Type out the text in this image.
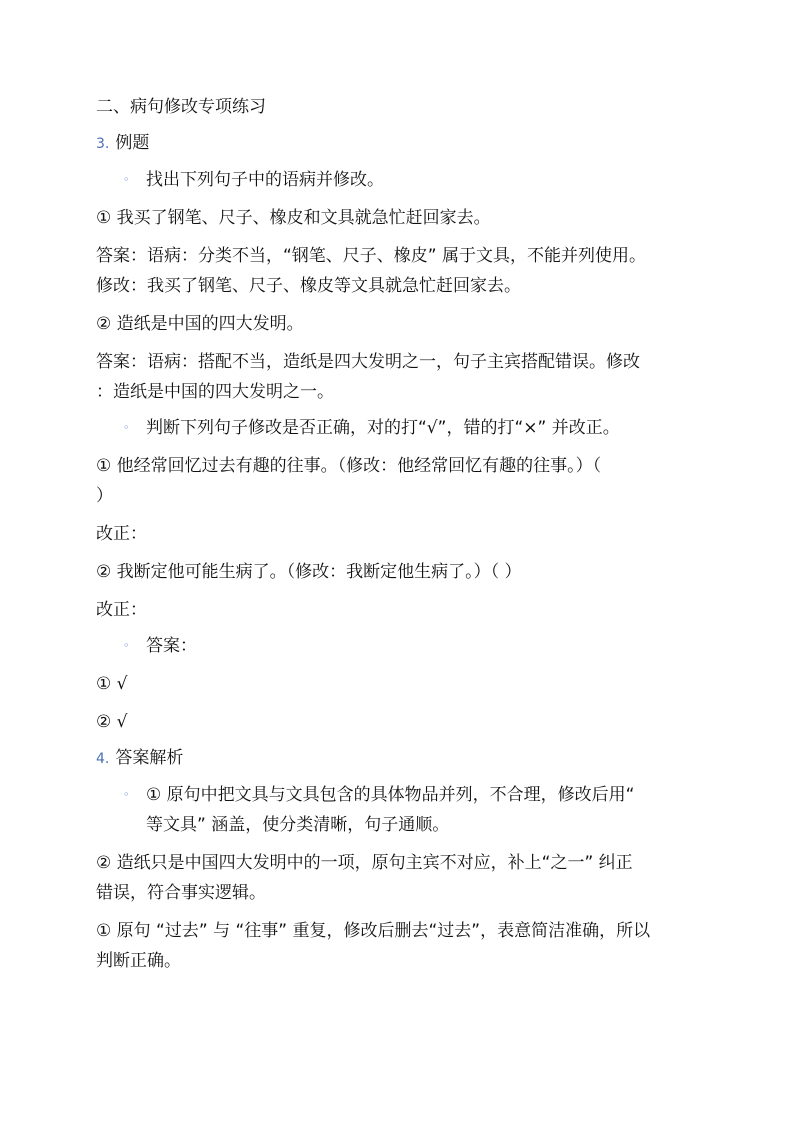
二、病句修改专项练习
3. 例题
◦ 找出下列句子中的语病并修改。
① 我买了钢笔、尺子、橡皮和文具就急忙赶回家去。
答案：语病：分类不当，“钢笔、尺子、橡皮” 属于文具，不能并列使用。
修改：我买了钢笔、尺子、橡皮等文具就急忙赶回家去。
② 造纸是中国的四大发明。
答案：语病：搭配不当，造纸是四大发明之一，句子主宾搭配错误。修改
：造纸是中国的四大发明之一。
◦ 判断下列句子修改是否正确，对的打“√”，错的打“×” 并改正。
① 他经常回忆过去有趣的往事。（修改：他经常回忆有趣的往事。）（
）
改正：
② 我断定他可能生病了。（修改：我断定他生病了。）（ ）
改正：
◦ 答案：
① √
② √
4. 答案解析
◦ ① 原句中把文具与文具包含的具体物品并列，不合理，修改后用“
等文具” 涵盖，使分类清晰，句子通顺。
② 造纸只是中国四大发明中的一项，原句主宾不对应，补上“之一” 纠正
错误，符合事实逻辑。
① 原句 “过去” 与 “往事” 重复，修改后删去“过去”，表意简洁准确，所以
判断正确。
